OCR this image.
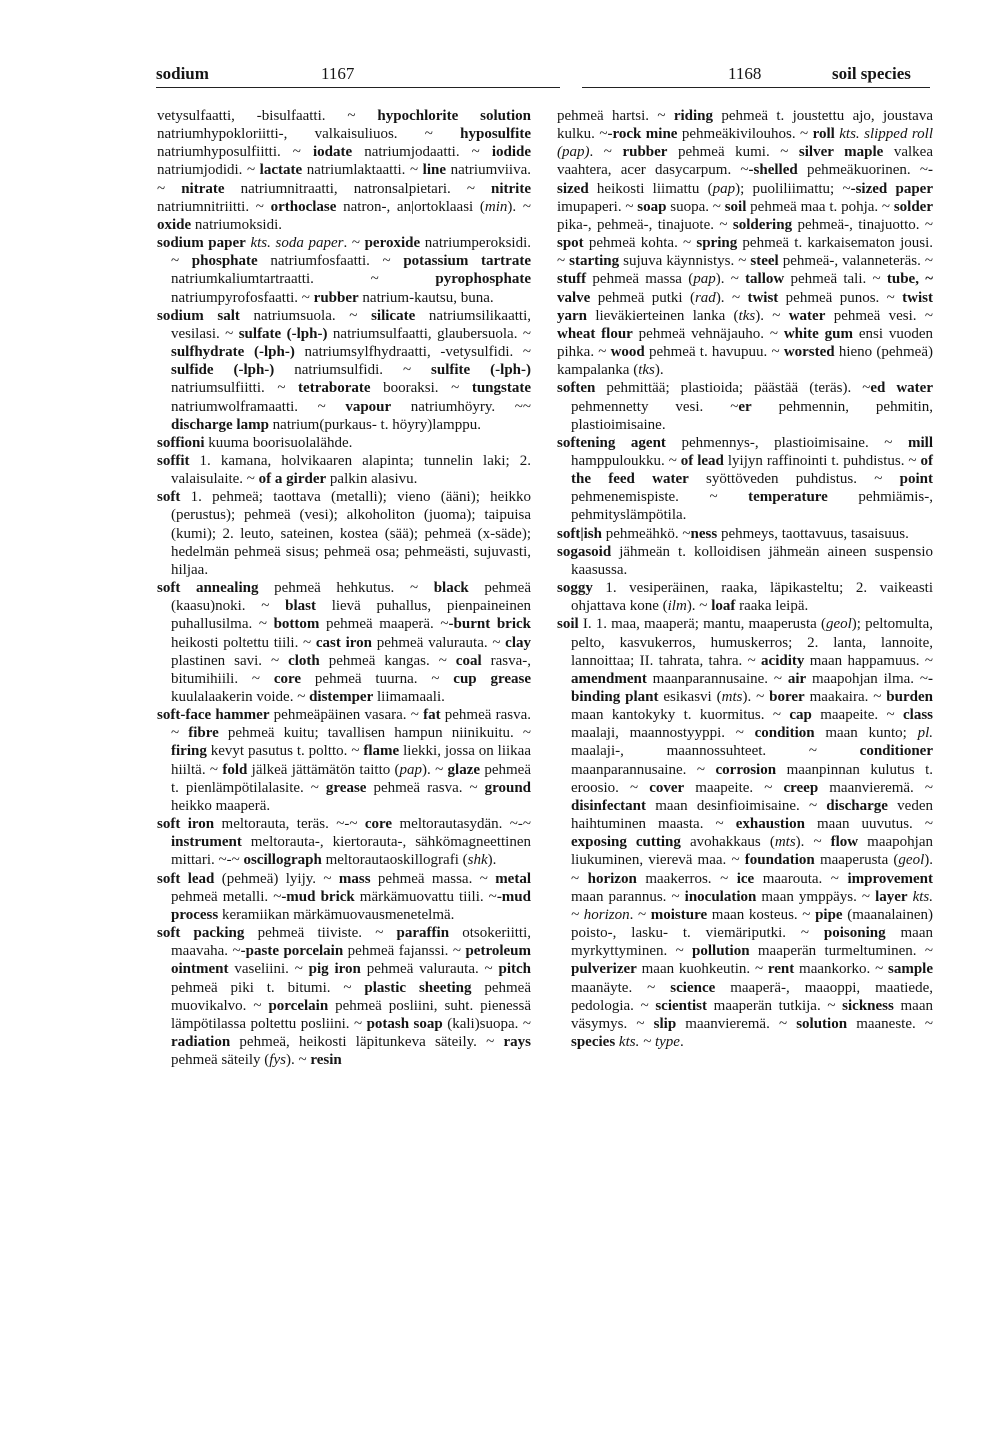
sodium	1167	1168	soil species

vetysulfaatti, -bisulfaatti. ~ hypochlorite solution natriumhypokloriitti-, valkaisuliuos. ~ hyposulfite natriumhyposulfiitti. ~ iodate natriumjodaatti. ~ iodide natriumjodidi. ~ lactate natriumlaktaatti. ~ line natriumviiva. ~ nitrate natriumnitraatti, natronsalpietari. ~ nitrite natriumnitriitti. ~ orthoclase natron-, an|ortoklaasi (min). ~ oxide natriumoksidi.

sodium paper kts. soda paper. ~ peroxide natriumperoksidi. ~ phosphate natriumfosfaatti. ~ potassium tartrate natriumkaliumtartraatti. ~ pyrophosphate natriumpyrofosfaatti. ~ rubber natrium-kautsu, buna.

sodium salt natriumsuola. ~ silicate natriumsilikaatti, vesilasi. ~ sulfate (-lph-) natriumsulfaatti, glaubersuola. ~ sulfhydrate (-lph-) natriumsylfhydraatti, -vetysulfidi. ~ sulfide (-lph-) natriumsulfidi. ~ sulfite (-lph-) natriumsulfiitti. ~ tetraborate booraksi. ~ tungstate natriumwolframaatti. ~ vapour natriumhöyry. ~~ discharge lamp natrium(purkaus- t. höyry)lamppu.

soffioni kuuma boorisuolalähde.

soffit 1. kamana, holvikaaren alapinta; tunnelin laki; 2. valaisulaite. ~ of a girder palkin alasivu.

soft 1. pehmeä; taottava (metalli); vieno (ääni); heikko (perustus); pehmeä (vesi); alkoholiton (juoma); taipuisa (kumi); 2. leuto, sateinen, kostea (sää); pehmeä (x-säde); hedelmän pehmeä sisus; pehmeä osa; pehmeästi, sujuvasti, hiljaa.

soft annealing pehmeä hehkutus. ~ black pehmeä (kaasu)noki. ~ blast lievä puhallus, pienpaineinen puhallusilma. ~ bottom pehmeä maaperä. ~-burnt brick heikosti poltettu tiili. ~ cast iron pehmeä valurauta. ~ clay plastinen savi. ~ cloth pehmeä kangas. ~ coal rasva-, bitumihiili. ~ core pehmeä tuurna. ~ cup grease kuulalaakerin voide. ~ distemper liimamaali.

soft-face hammer pehmeäpäinen vasara. ~ fat pehmeä rasva. ~ fibre pehmeä kuitu; tavallisen hampun niinikuitu. ~ firing kevyt pasutus t. poltto. ~ flame liekki, jossa on liikaa hiiltä. ~ fold jälkeä jättämätön taitto (pap). ~ glaze pehmeä t. pienlämpötilalasite. ~ grease pehmeä rasva. ~ ground heikko maaperä.

soft iron meltorauta, teräs. ~-~ core meltorautasydän. ~-~ instrument meltorauta-, kiertorauta-, sähkömagneettinen mittari. ~-~ oscillograph meltorautaoskillografi (shk).

soft lead (pehmeä) lyijy. ~ mass pehmeä massa. ~ metal pehmeä metalli. ~-mud brick märkämuovattu tiili. ~-mud process keramiikan märkämuovausmenetelmä.

soft packing pehmeä tiiviste. ~ paraffin otsokeriitti, maavaha. ~-paste porcelain pehmeä fajanssi. ~ petroleum ointment vaseliini. ~ pig iron pehmeä valurauta. ~ pitch pehmeä piki t. bitumi. ~ plastic sheeting pehmeä muovikalvo. ~ porcelain pehmeä posliini, suht. pienessä lämpötilassa poltettu posliini. ~ potash soap (kali)suopa. ~ radiation pehmeä, heikosti läpitunkeva säteily. ~ rays pehmeä säteily (fys). ~ resin

pehmeä hartsi. ~ riding pehmeä t. joustettu ajo, joustava kulku. ~-rock mine pehmeäkivilouhos. ~ roll kts. slipped roll (pap). ~ rubber pehmeä kumi. ~ silver maple valkea vaahtera, acer dasycarpum. ~-shelled pehmeäkuorinen. ~-sized heikosti liimattu (pap); puoliliimattu; ~-sized paper imupaperi. ~ soap suopa. ~ soil pehmeä maa t. pohja. ~ solder pika-, pehmeä-, tinajuote. ~ soldering pehmeä-, tinajuotto. ~ spot pehmeä kohta. ~ spring pehmeä t. karkaisematon jousi. ~ starting sujuva käynnistys. ~ steel pehmeä-, valanneteräs. ~ stuff pehmeä massa (pap). ~ tallow pehmeä tali. ~ tube, ~ valve pehmeä putki (rad). ~ twist pehmeä punos. ~ twist yarn lieväkierteinen lanka (tks). ~ water pehmeä vesi. ~ wheat flour pehmeä vehnäjauho. ~ white gum ensi vuoden pihka. ~ wood pehmeä t. havupuu. ~ worsted hieno (pehmeä) kampalanka (tks).

soften pehmittää; plastioida; päästää (teräs). ~ed water pehmennetty vesi. ~er pehmennin, pehmitin, plastioimisaine.

softening agent pehmennys-, plastioimisaine. ~ mill hamppuloukku. ~ of lead lyijyn raffinointi t. puhdistus. ~ of the feed water syöttöveden puhdistus. ~ point pehmenemispiste. ~ temperature pehmiämis-, pehmityslämpötila.

soft|ish pehmeähkö. ~ness pehmeys, taottavuus, tasaisuus.

sogasoid jähmeän t. kolloidisen jähmeän aineen suspensio kaasussa.

soggy 1. vesiperäinen, raaka, läpikasteltu; 2. vaikeasti ohjattava kone (ilm). ~ loaf raaka leipä.

soil I. 1. maa, maaperä; mantu, maaperusta (geol); peltomulta, pelto, kasvukerros, humuskerros; 2. lanta, lannoite, lannoittaa; II. tahrata, tahra. ~ acidity maan happamuus. ~ amendment maanparannusaine. ~ air maapohjan ilma. ~-binding plant esikasvi (mts). ~ borer maakaira. ~ burden maan kantokyky t. kuormitus. ~ cap maapeite. ~ class maalaji, maannostyyppi. ~ condition maan kunto; pl. maalaji-, maannossuhteet. ~ conditioner maanparannusaine. ~ corrosion maanpinnan kulutus t. eroosio. ~ cover maapeite. ~ creep maanvieremä. ~ disinfectant maan desinfioimisaine. ~ discharge veden haihtuminen maasta. ~ exhaustion maan uuvutus. ~ exposing cutting avohakkaus (mts). ~ flow maapohjan liukuminen, vierevä maa. ~ foundation maaperusta (geol). ~ horizon maakerros. ~ ice maarouta. ~ improvement maan parannus. ~ inoculation maan ymppäys. ~ layer kts. ~ horizon. ~ moisture maan kosteus. ~ pipe (maanalainen) poisto-, lasku- t. viemäriputki. ~ poisoning maan myrkyttyminen. ~ pollution maaperän turmeltuminen. ~ pulverizer maan kuohkeutin. ~ rent maankorko. ~ sample maanäyte. ~ science maaperä-, maaoppi, maatiede, pedologia. ~ scientist maaperän tutkija. ~ sickness maan väsymys. ~ slip maanvieremä. ~ solution maaneste. ~ species kts. ~ type.
